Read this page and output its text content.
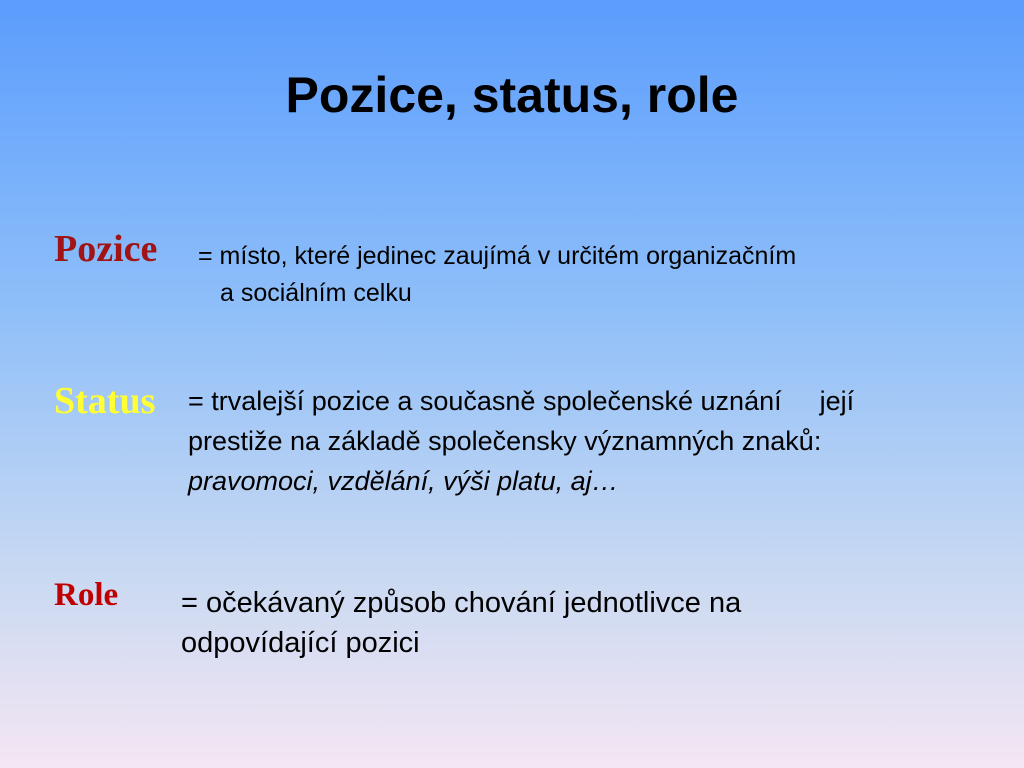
Pozice, status, role
Pozice = místo, které jedinec zaujímá v určitém organizačním
a sociálním celku
Status = trvalejší pozice a současně společenské uznání její
prestiže na základě společensky významných znaků:
pravomoci, vzdělání, výši platu, aj…
Role = očekávaný způsob chování jednotlivce na
odpovídající pozici
